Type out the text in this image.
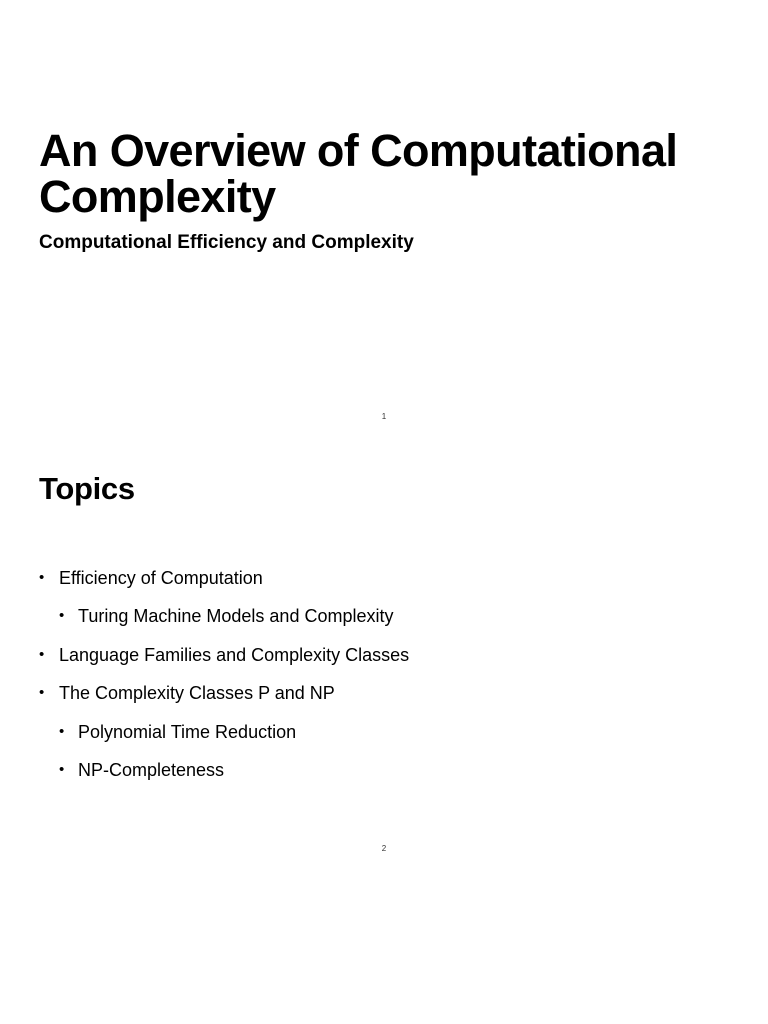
An Overview of Computational Complexity
Computational Efficiency and Complexity
1
Topics
• Efficiency of Computation
• Turing Machine Models and Complexity
• Language Families and Complexity Classes
• The Complexity Classes P and NP
• Polynomial Time Reduction
• NP-Completeness
2
